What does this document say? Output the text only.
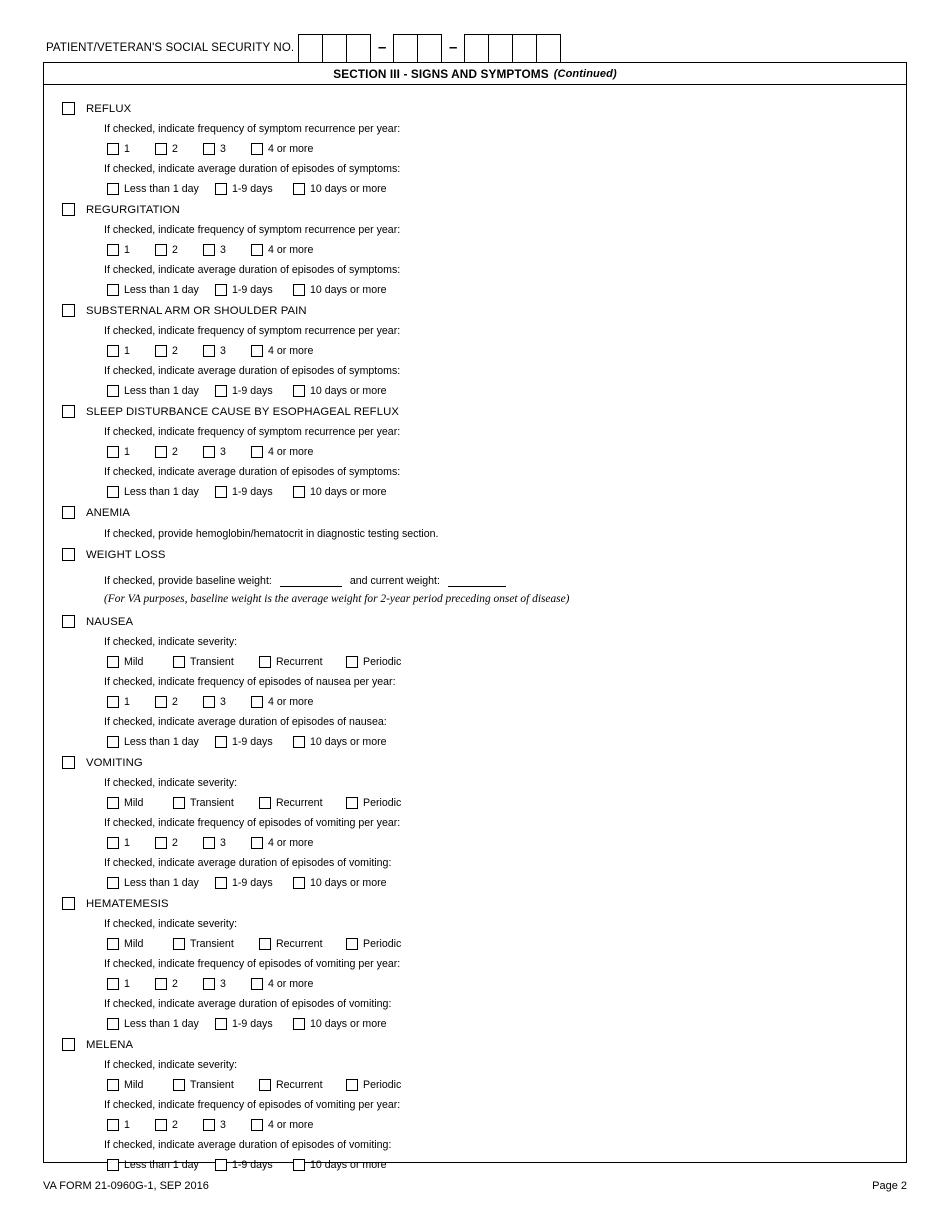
PATIENT/VETERAN'S SOCIAL SECURITY NO.	–	–
SECTION III - SIGNS AND SYMPTOMS (Continued)
REFLUX
If checked, indicate frequency of symptom recurrence per year:
1	2	3	4 or more
If checked, indicate average duration of episodes of symptoms:
Less than 1 day	1-9 days	10 days or more
REGURGITATION
If checked, indicate frequency of symptom recurrence per year:
1	2	3	4 or more
If checked, indicate average duration of episodes of symptoms:
Less than 1 day	1-9 days	10 days or more
SUBSTERNAL ARM OR SHOULDER PAIN
If checked, indicate frequency of symptom recurrence per year:
1	2	3	4 or more
If checked, indicate average duration of episodes of symptoms:
Less than 1 day	1-9 days	10 days or more
SLEEP DISTURBANCE CAUSE BY ESOPHAGEAL REFLUX
If checked, indicate frequency of symptom recurrence per year:
1	2	3	4 or more
If checked, indicate average duration of episodes of symptoms:
Less than 1 day	1-9 days	10 days or more
ANEMIA
If checked, provide hemoglobin/hematocrit in diagnostic testing section.
WEIGHT LOSS
If checked, provide baseline weight:	and current weight:
(For VA purposes, baseline weight is the average weight for 2-year period preceding onset of disease)
NAUSEA
If checked, indicate severity:
Mild	Transient	Recurrent	Periodic
If checked, indicate frequency of episodes of nausea per year:
1	2	3	4 or more
If checked, indicate average duration of episodes of nausea:
Less than 1 day	1-9 days	10 days or more
VOMITING
If checked, indicate severity:
Mild	Transient	Recurrent	Periodic
If checked, indicate frequency of episodes of vomiting per year:
1	2	3	4 or more
If checked, indicate average duration of episodes of vomiting:
Less than 1 day	1-9 days	10 days or more
HEMATEMESIS
If checked, indicate severity:
Mild	Transient	Recurrent	Periodic
If checked, indicate frequency of episodes of vomiting per year:
1	2	3	4 or more
If checked, indicate average duration of episodes of vomiting:
Less than 1 day	1-9 days	10 days or more
MELENA
If checked, indicate severity:
Mild	Transient	Recurrent	Periodic
If checked, indicate frequency of episodes of vomiting per year:
1	2	3	4 or more
If checked, indicate average duration of episodes of vomiting:
Less than 1 day	1-9 days	10 days or more
VA FORM 21-0960G-1, SEP 2016	Page 2
